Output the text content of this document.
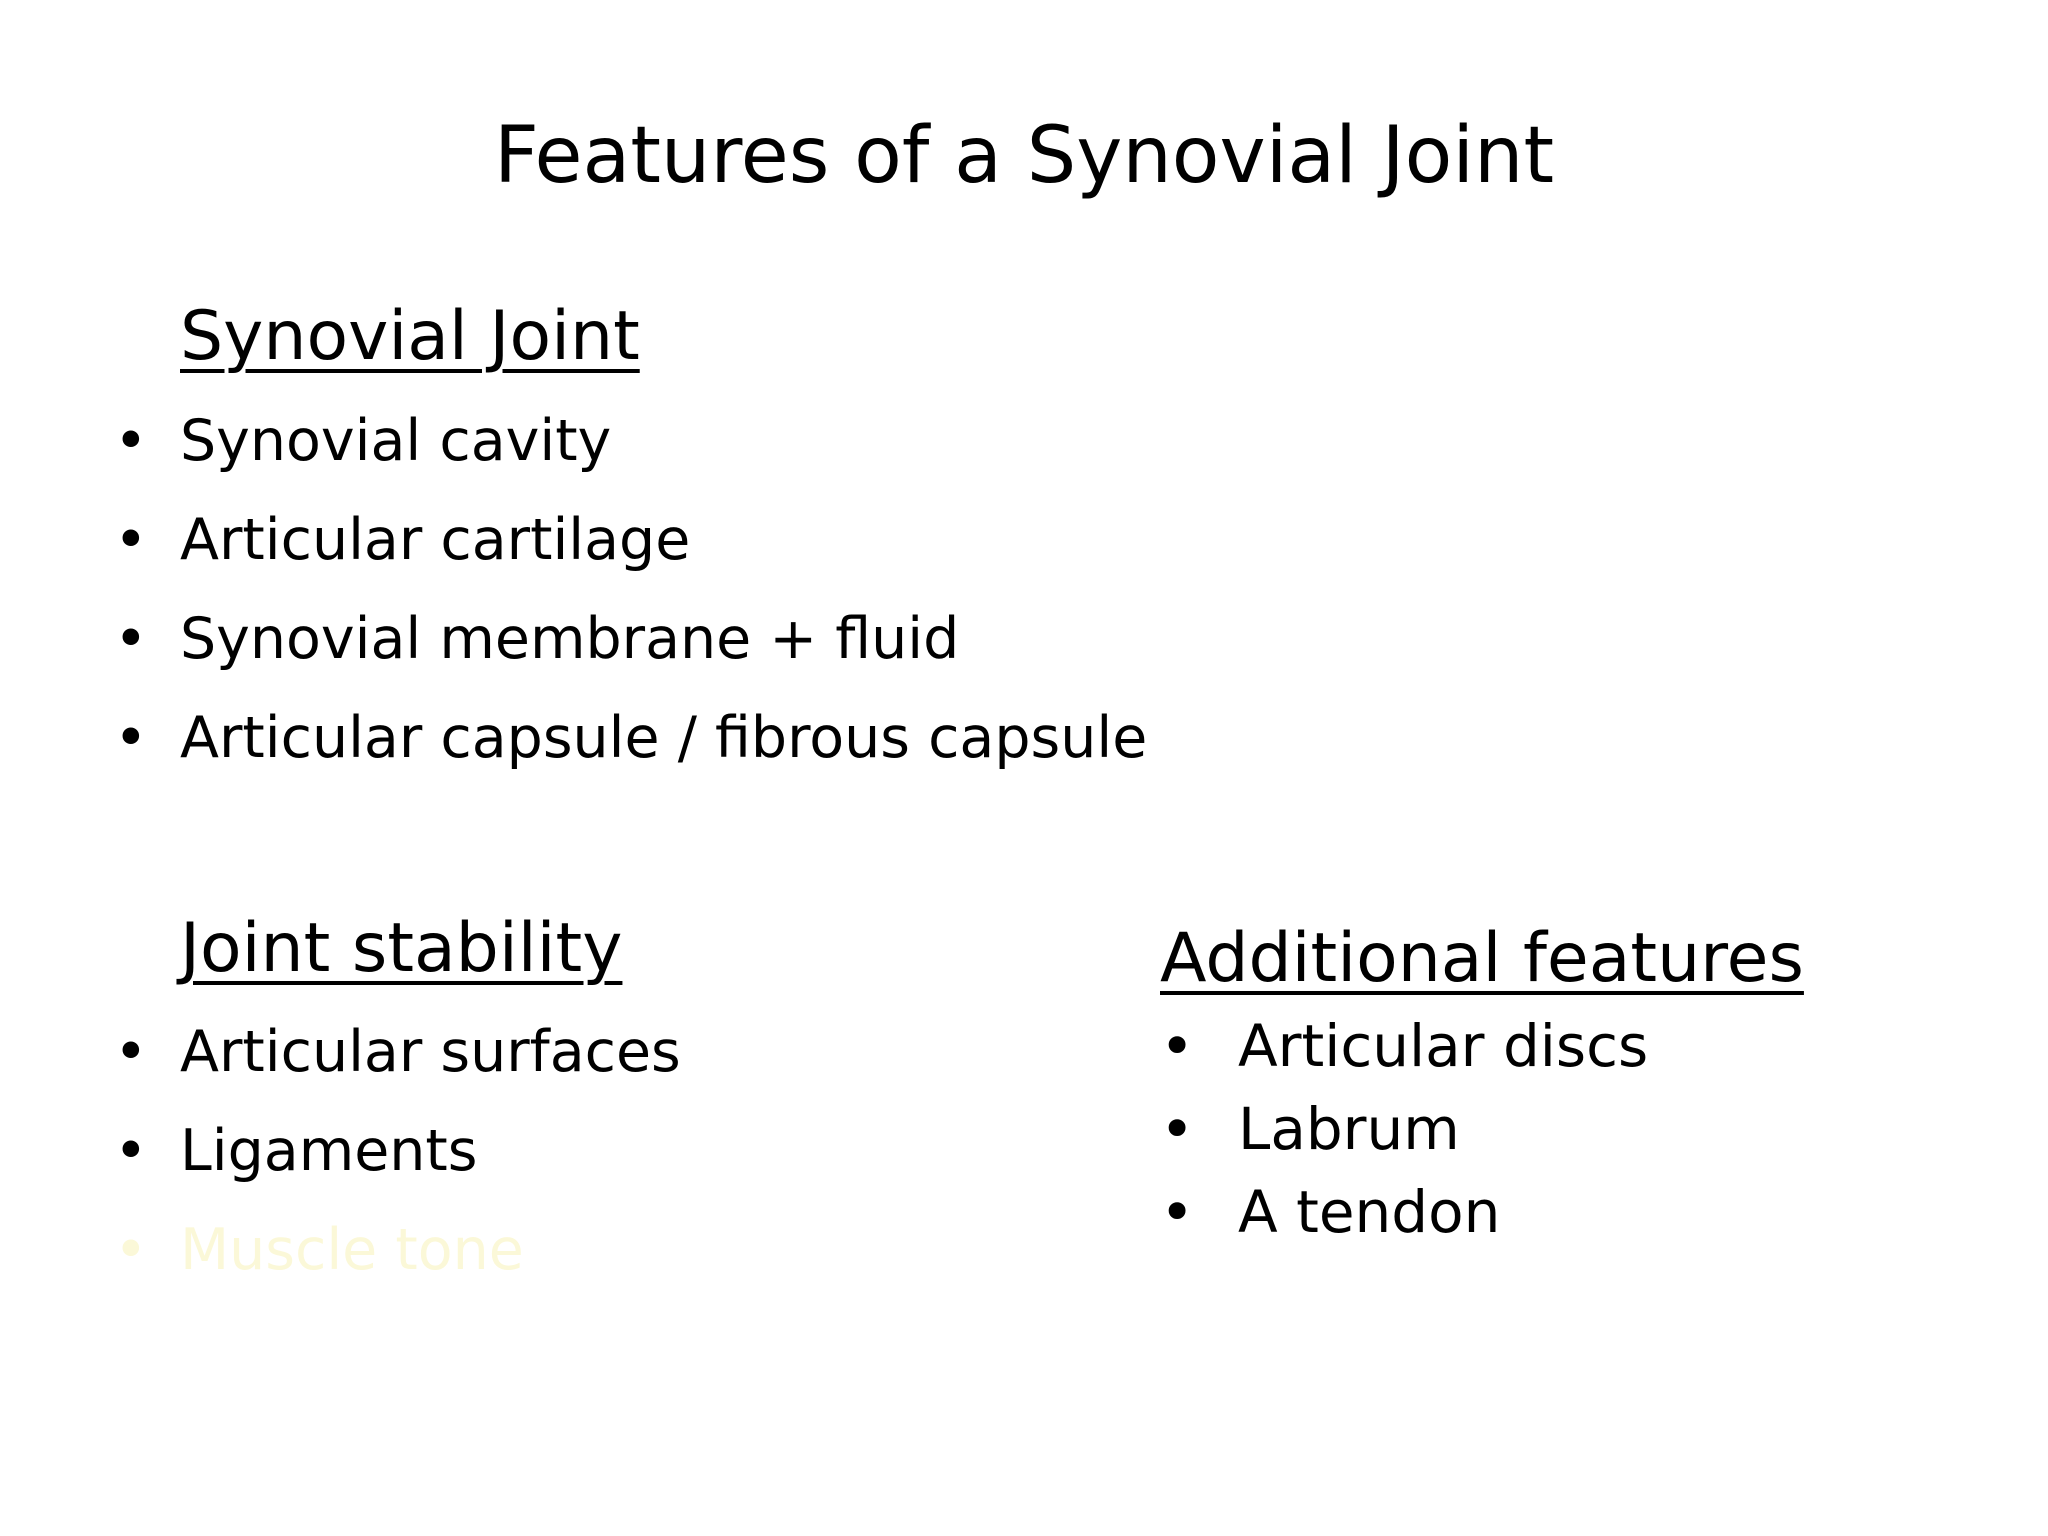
Features of a Synovial Joint
Synovial Joint
• Synovial cavity
• Articular cartilage
• Synovial membrane + fluid
• Articular capsule / fibrous capsule
Joint stability
• Articular surfaces
• Ligaments
• Muscle tone
Additional features
• Articular discs
• Labrum
• A tendon
